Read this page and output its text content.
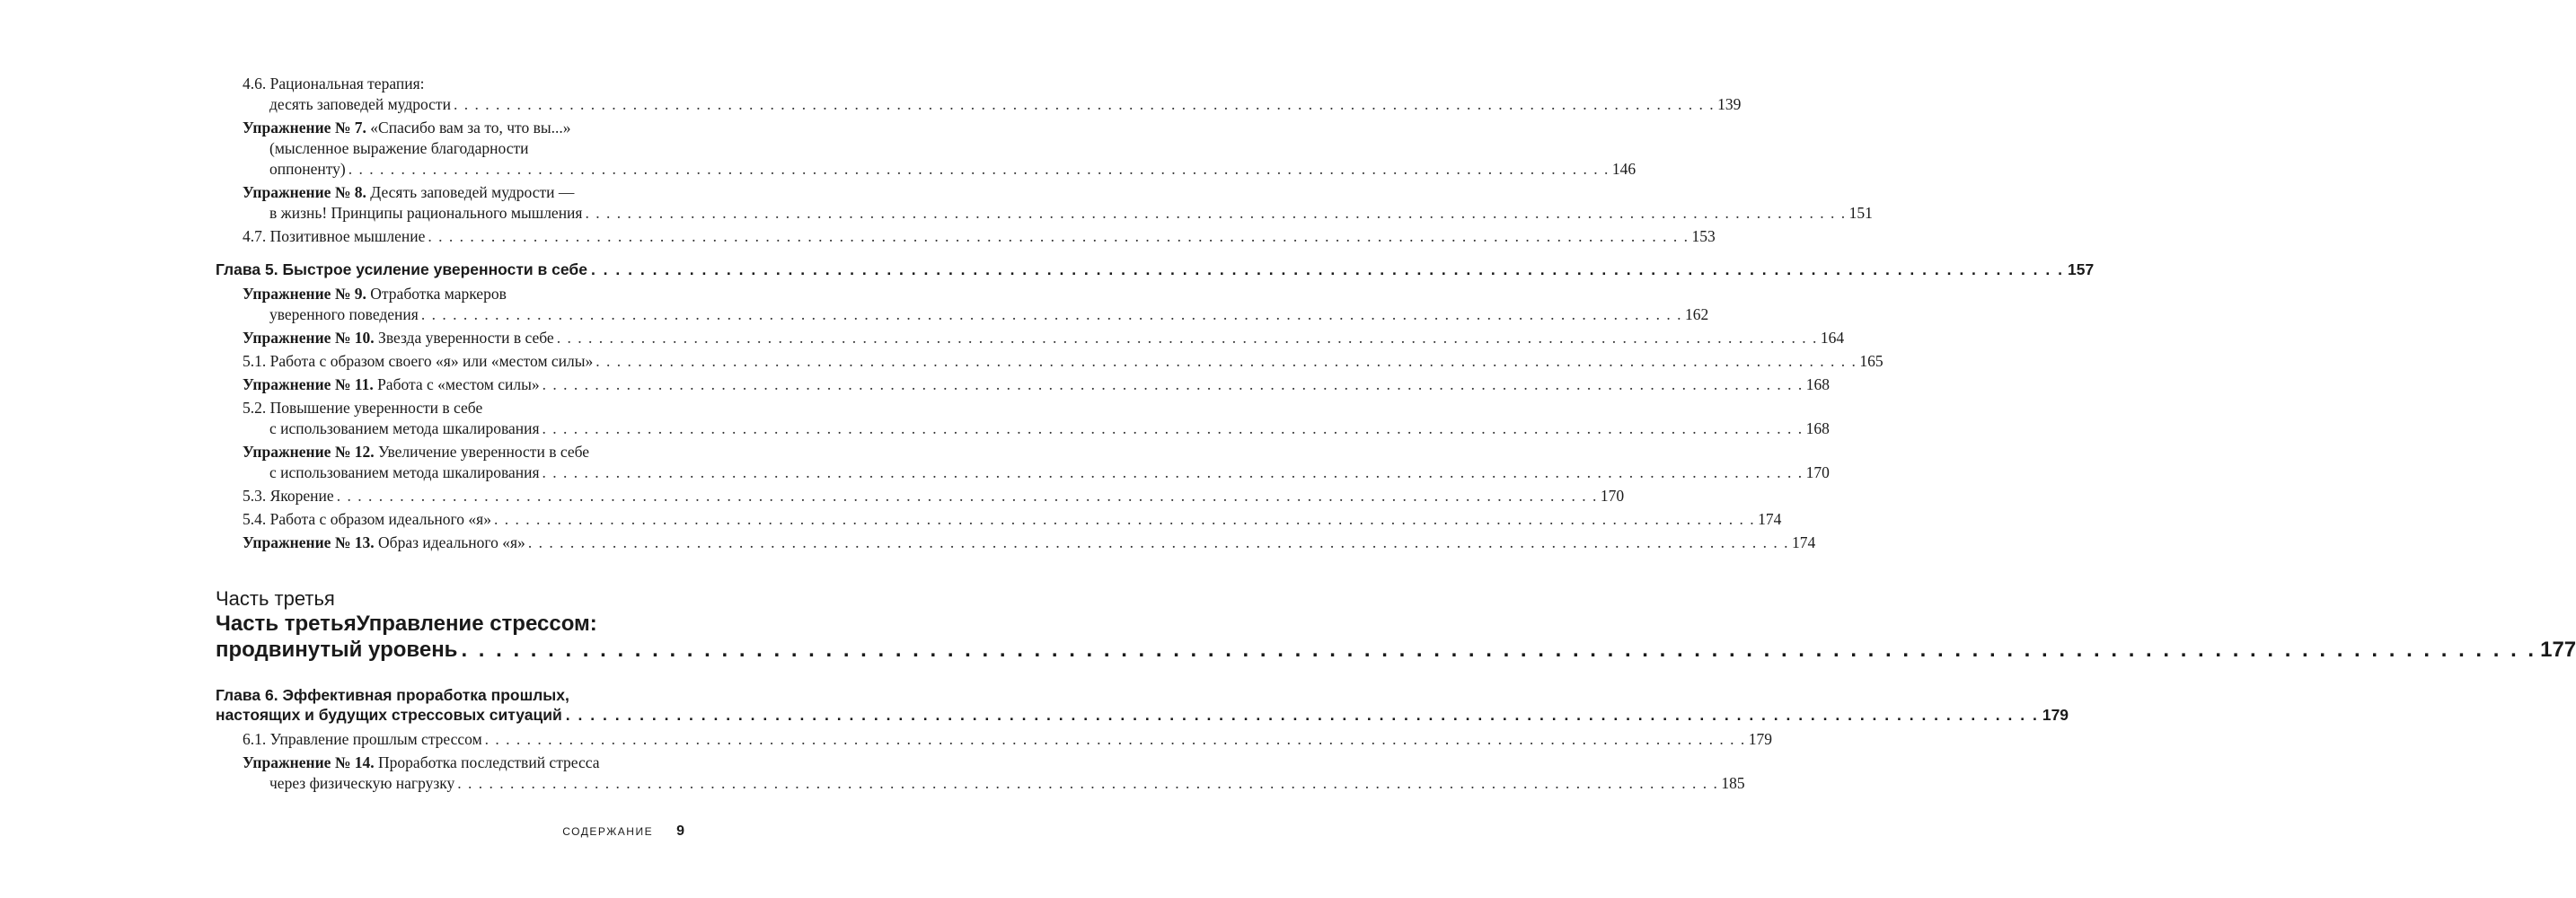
4.6. Рациональная терапия:
десять заповедей мудрости . . . . . . . . . . . . . . . . . . . . . . . . . . . . . . . . . . . . . . . . . . . . . . . . . . . . . . . . . . . . . . . . . . . . . . . . . . . . . . . . . . . . . . . . . . . . . . . . . . . . . . . . . . . . . . . . . . . . . . . . 139
Упражнение № 7. «Спасибо вам за то, что вы...»
(мысленное выражение благодарности
оппоненту) . . . . . . . . . . . . . . . . . . . . . . . . . . . . . . . . . . . . . . . . . . . . . . . . . . . . . . . . . . . . . . . . . . . . . . . . . . . . . . . . . . . . . . . . . . . . . . . . . . . . . . . . . . . . . . . . . . . . . . . . 146
Упражнение № 8. Десять заповедей мудрости —
в жизнь! Принципы рационального мышления . . . . . . . . . . . . . . . . . . . . . . . . . . . . . . . . . . . . . . . . . . . . . . . . . . . . . . . . . . . . . . . . . . . . . . . . . . . . . . . . . . . . . . . . . . . . . . . . . . . . . . . . . . . . . . . . . . . . . . . . 151
4.7. Позитивное мышление . . . . . . . . . . . . . . . . . . . . . . . . . . . . . . . . . . . . . . . . . . . . . . . . . . . . . . . . . . . . . . . . . . . . . . . . . . . . . . . . . . . . . . . . . . . . . . . . . . . . . . . . . . . . . . . . . . . . . . . . 153
Глава 5. Быстрое усиление уверенности в себе . . . . . . . . . . . . . . . . . . . . . . . . . . . . . . . . . . . . . . . . . . . . . . . . . . . . . . . . . . . . . . . . . . . . . . . . . . . . . . . . . . . . . . . . . . . . . . . . . . . . . . . . . . . . . . . . . . . . . . . . 157
Упражнение № 9. Отработка маркеров
уверенного поведения . . . . . . . . . . . . . . . . . . . . . . . . . . . . . . . . . . . . . . . . . . . . . . . . . . . . . . . . . . . . . . . . . . . . . . . . . . . . . . . . . . . . . . . . . . . . . . . . . . . . . . . . . . . . . . . . . . . . . . . . 162
Упражнение № 10. Звезда уверенности в себе . . . . . . . . . . . . . . . . . . . . . . . . . . . . . . . . . . . . . . . . . . . . . . . . . . . . . . . . . . . . . . . . . . . . . . . . . . . . . . . . . . . . . . . . . . . . . . . . . . . . . . . . . . . . . . . . . . . . . . . . 164
5.1. Работа с образом своего «я» или «местом силы» . . . . . . . . . . . . . . . . . . . . . . . . . . . . . . . . . . . . . . . . . . . . . . . . . . . . . . . . . . . . . . . . . . . . . . . . . . . . . . . . . . . . . . . . . . . . . . . . . . . . . . . . . . . . . . . . . . . . . . . . 165
Упражнение № 11. Работа с «местом силы» . . . . . . . . . . . . . . . . . . . . . . . . . . . . . . . . . . . . . . . . . . . . . . . . . . . . . . . . . . . . . . . . . . . . . . . . . . . . . . . . . . . . . . . . . . . . . . . . . . . . . . . . . . . . . . . . . . . . . . . . 168
5.2. Повышение уверенности в себе
с использованием метода шкалирования . . . . . . . . . . . . . . . . . . . . . . . . . . . . . . . . . . . . . . . . . . . . . . . . . . . . . . . . . . . . . . . . . . . . . . . . . . . . . . . . . . . . . . . . . . . . . . . . . . . . . . . . . . . . . . . . . . . . . . . . 168
Упражнение № 12. Увеличение уверенности в себе
с использованием метода шкалирования . . . . . . . . . . . . . . . . . . . . . . . . . . . . . . . . . . . . . . . . . . . . . . . . . . . . . . . . . . . . . . . . . . . . . . . . . . . . . . . . . . . . . . . . . . . . . . . . . . . . . . . . . . . . . . . . . . . . . . . . 170
5.3. Якорение . . . . . . . . . . . . . . . . . . . . . . . . . . . . . . . . . . . . . . . . . . . . . . . . . . . . . . . . . . . . . . . . . . . . . . . . . . . . . . . . . . . . . . . . . . . . . . . . . . . . . . . . . . . . . . . . . . . . . . . . 170
5.4. Работа с образом идеального «я» . . . . . . . . . . . . . . . . . . . . . . . . . . . . . . . . . . . . . . . . . . . . . . . . . . . . . . . . . . . . . . . . . . . . . . . . . . . . . . . . . . . . . . . . . . . . . . . . . . . . . . . . . . . . . . . . . . . . . . . . 174
Упражнение № 13. Образ идеального «я» . . . . . . . . . . . . . . . . . . . . . . . . . . . . . . . . . . . . . . . . . . . . . . . . . . . . . . . . . . . . . . . . . . . . . . . . . . . . . . . . . . . . . . . . . . . . . . . . . . . . . . . . . . . . . . . . . . . . . . . . 174
Часть третья
Часть третьяУправление стрессом:
продвинутый уровень . . . . . . . . . . . . . . . . . . . . . . . . . . . . . . . . . . . . . . . . . . . . . . . . . . . . . . . . . . . . . . . . . . . . . . . . . . . . . . . . . . . . . . . . . . . . . . . . . . . . . . . . . . . . . . . . . . . . . . . . 177
Глава 6. Эффективная проработка прошлых,
настоящих и будущих стрессовых ситуаций . . . . . . . . . . . . . . . . . . . . . . . . . . . . . . . . . . . . . . . . . . . . . . . . . . . . . . . . . . . . . . . . . . . . . . . . . . . . . . . . . . . . . . . . . . . . . . . . . . . . . . . . . . . . . . . . . . . . . . . . 179
6.1. Управление прошлым стрессом . . . . . . . . . . . . . . . . . . . . . . . . . . . . . . . . . . . . . . . . . . . . . . . . . . . . . . . . . . . . . . . . . . . . . . . . . . . . . . . . . . . . . . . . . . . . . . . . . . . . . . . . . . . . . . . . . . . . . . . . 179
Упражнение № 14. Проработка последствий стресса
через физическую нагрузку . . . . . . . . . . . . . . . . . . . . . . . . . . . . . . . . . . . . . . . . . . . . . . . . . . . . . . . . . . . . . . . . . . . . . . . . . . . . . . . . . . . . . . . . . . . . . . . . . . . . . . . . . . . . . . . . . . . . . . . . 185
СОДЕРЖАНИЕ 9
